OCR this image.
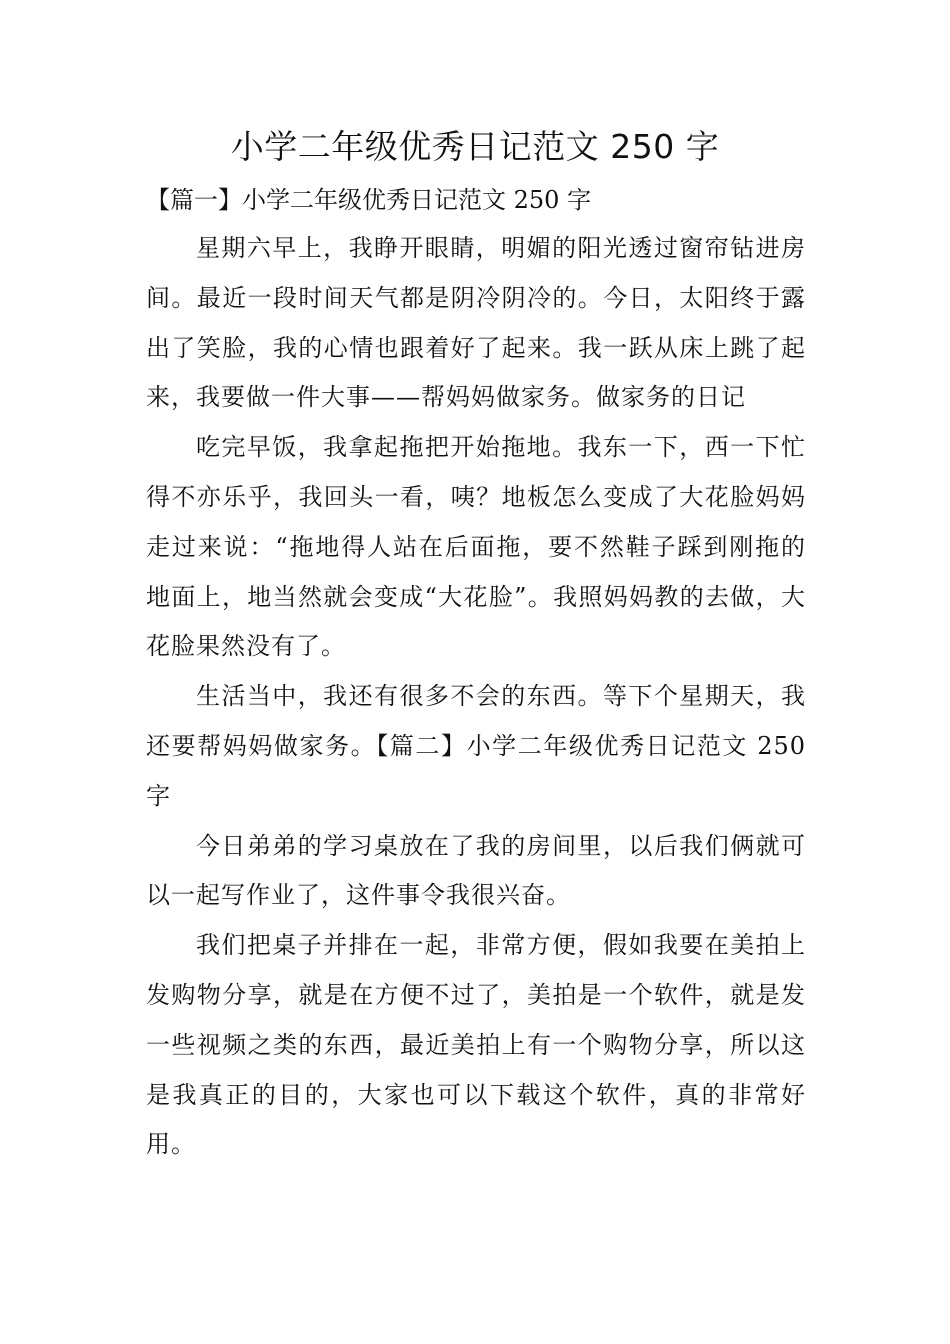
小学二年级优秀日记范文 250 字

【篇一】小学二年级优秀日记范文 250 字

星期六早上，我睁开眼睛，明媚的阳光透过窗帘钻进房间。最近一段时间天气都是阴冷阴冷的。今日，太阳终于露出了笑脸，我的心情也跟着好了起来。我一跃从床上跳了起来，我要做一件大事——帮妈妈做家务。做家务的日记

吃完早饭，我拿起拖把开始拖地。我东一下，西一下忙得不亦乐乎，我回头一看，咦？地板怎么变成了大花脸妈妈走过来说：“拖地得人站在后面拖，要不然鞋子踩到刚拖的地面上，地当然就会变成“大花脸”。我照妈妈教的去做，大花脸果然没有了。

生活当中，我还有很多不会的东西。等下个星期天，我还要帮妈妈做家务。【篇二】小学二年级优秀日记范文 250 字

今日弟弟的学习桌放在了我的房间里，以后我们俩就可以一起写作业了，这件事令我很兴奋。

我们把桌子并排在一起，非常方便，假如我要在美拍上发购物分享，就是在方便不过了，美拍是一个软件，就是发一些视频之类的东西，最近美拍上有一个购物分享，所以这是我真正的目的，大家也可以下载这个软件，真的非常好用。
